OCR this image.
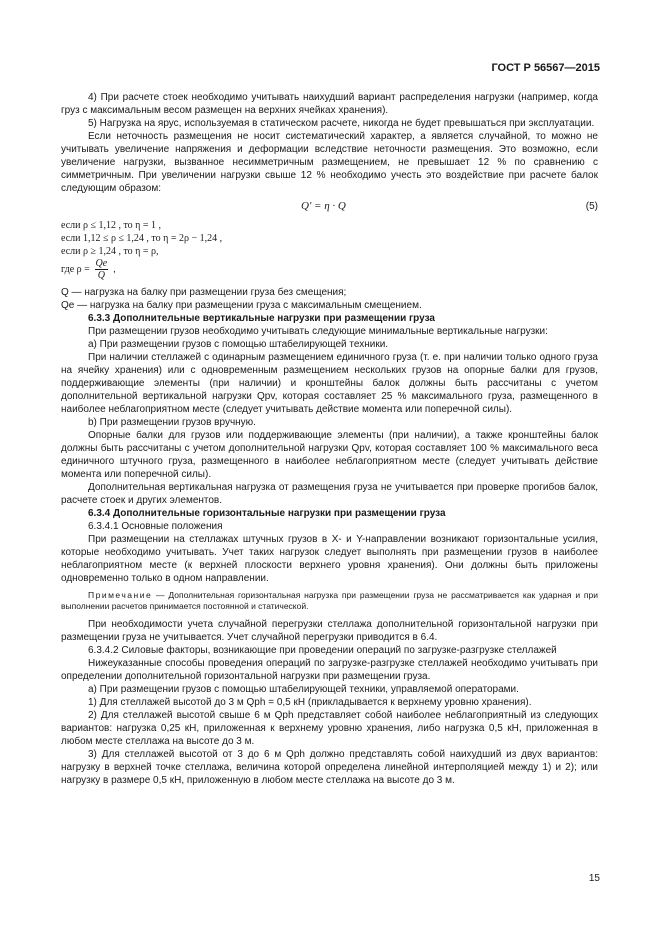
ГОСТ Р 56567—2015

4) При расчете стоек необходимо учитывать наихудший вариант распределения нагрузки (например, когда груз с максимальным весом размещен на верхних ячейках хранения).

5) Нагрузка на ярус, используемая в статическом расчете, никогда не будет превышаться при эксплуатации.

Если неточность размещения не носит систематический характер, а является случайной, то можно не учитывать увеличение напряжения и деформации вследствие неточности размещения. Это возможно, если увеличение нагрузки, вызванное несимметричным размещением, не превышает 12 % по сравнению с симметричным. При увеличении нагрузки свыше 12 % необходимо учесть это воздействие при расчете балок следующим образом:

Q' = η · Q	(5)
если ρ ≤ 1,12 , то η = 1 ,
если 1,12 ≤ ρ ≤ 1,24 , то η = 2ρ − 1,24 ,
если ρ ≥ 1,24 , то η = ρ,
где $\rho = \frac{Qe}{Q}$ ,

Q — нагрузка на балку при размещении груза без смещения;

Qe — нагрузка на балку при размещении груза с максимальным смещением.

6.3.3 Дополнительные вертикальные нагрузки при размещении груза

При размещении грузов необходимо учитывать следующие минимальные вертикальные нагрузки:

a) При размещении грузов с помощью штабелирующей техники.

При наличии стеллажей с одинарным размещением единичного груза (т. е. при наличии только одного груза на ячейку хранения) или с одновременным размещением нескольких грузов на опорные балки для грузов, поддерживающие элементы (при наличии) и кронштейны балок должны быть рассчитаны с учетом дополнительной вертикальной нагрузки Qpv, которая составляет 25 % максимального груза, размещенного в наиболее неблагоприятном месте (следует учитывать действие момента или поперечной силы).

b) При размещении грузов вручную.

Опорные балки для грузов или поддерживающие элементы (при наличии), а также кронштейны балок должны быть рассчитаны с учетом дополнительной нагрузки Qpv, которая составляет 100 % максимального веса единичного штучного груза, размещенного в наиболее неблагоприятном месте (следует учитывать действие момента или поперечной силы).

Дополнительная вертикальная нагрузка от размещения груза не учитывается при проверке прогибов балок, расчете стоек и других элементов.

6.3.4 Дополнительные горизонтальные нагрузки при размещении груза

6.3.4.1 Основные положения

При размещении на стеллажах штучных грузов в X- и Y-направлении возникают горизонтальные усилия, которые необходимо учитывать. Учет таких нагрузок следует выполнять при размещении грузов в наиболее неблагоприятном месте (к верхней плоскости верхнего уровня хранения). Они должны быть приложены одновременно только в одном направлении.

Примечание — Дополнительная горизонтальная нагрузка при размещении груза не рассматривается как ударная и при выполнении расчетов принимается постоянной и статической.

При необходимости учета случайной перегрузки стеллажа дополнительной горизонтальной нагрузки при размещении груза не учитывается. Учет случайной перегрузки приводится в 6.4.

6.3.4.2 Силовые факторы, возникающие при проведении операций по загрузке-разгрузке стеллажей

Нижеуказанные способы проведения операций по загрузке-разгрузке стеллажей необходимо учитывать при определении дополнительной горизонтальной нагрузки при размещении груза.

a) При размещении грузов с помощью штабелирующей техники, управляемой операторами.

1) Для стеллажей высотой до 3 м Qph = 0,5 кН (прикладывается к верхнему уровню хранения).

2) Для стеллажей высотой свыше 6 м Qph представляет собой наиболее неблагоприятный из следующих вариантов: нагрузка 0,25 кН, приложенная к верхнему уровню хранения, либо нагрузка 0,5 кН, приложенная в любом месте стеллажа на высоте до 3 м.

3) Для стеллажей высотой от 3 до 6 м Qph должно представлять собой наихудший из двух вариантов: нагрузку в верхней точке стеллажа, величина которой определена линейной интерполяцией между 1) и 2); или нагрузку в размере 0,5 кН, приложенную в любом месте стеллажа на высоте до 3 м.

15
